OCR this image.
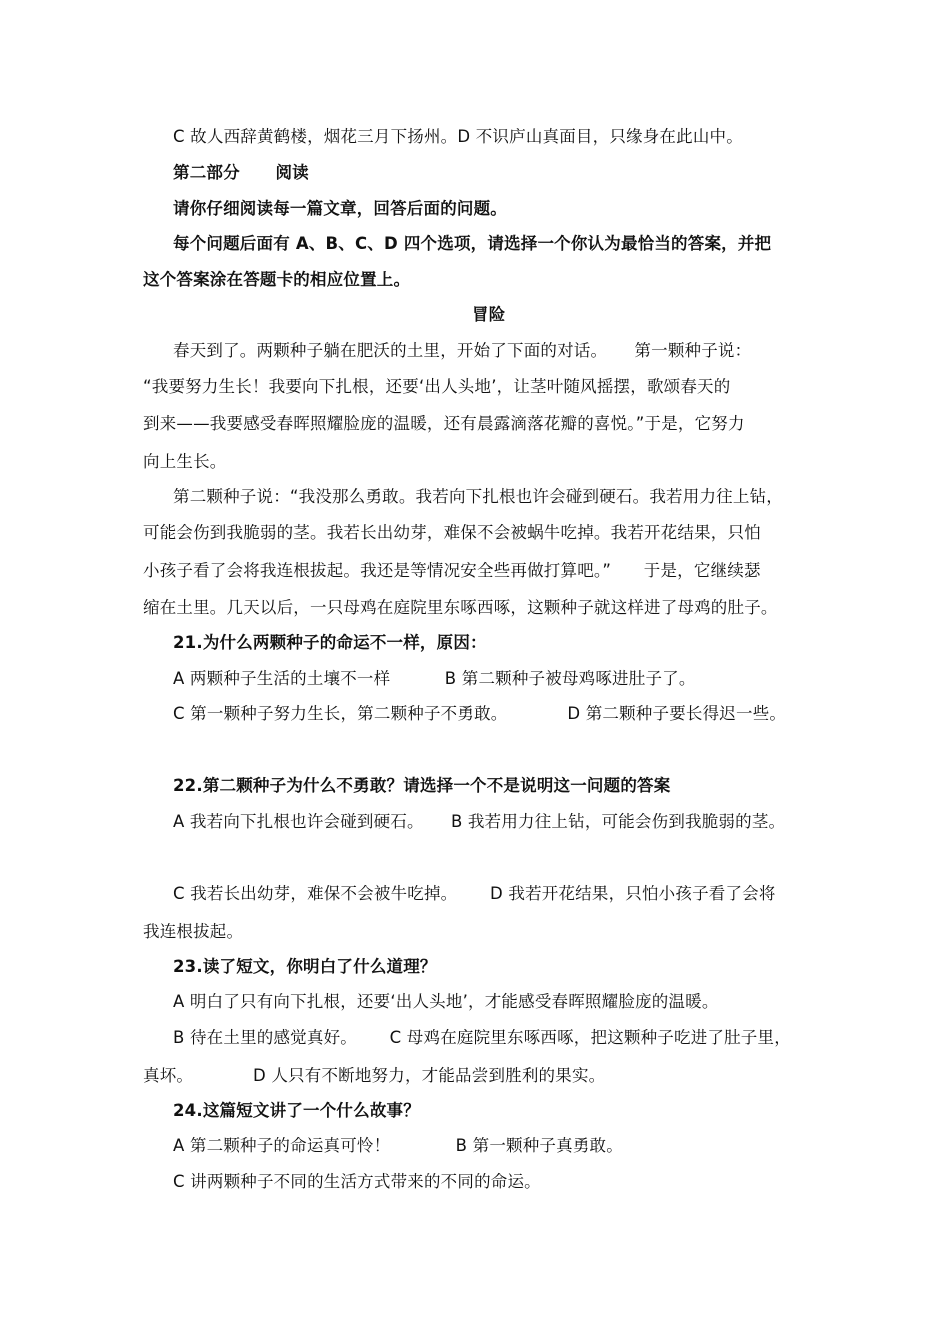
C 故人西辞黄鹤楼，烟花三月下扬州。D 不识庐山真面目，只缘身在此山中。
第二部分      阅读
请你仔细阅读每一篇文章，回答后面的问题。
每个问题后面有 A、B、C、D 四个选项，请选择一个你认为最恰当的答案，并把
这个答案涂在答题卡的相应位置上。
冒险
春天到了。两颗种子躺在肥沃的土里，开始了下面的对话。     第一颗种子说：
“我要努力生长！我要向下扎根，还要‘出人头地’，让茎叶随风摇摆，歌颂春天的
到来——我要感受春晖照耀脸庞的温暖，还有晨露滴落花瓣的喜悦。”于是，它努力
向上生长。
第二颗种子说：“我没那么勇敢。我若向下扎根也许会碰到硬石。我若用力往上钻，
可能会伤到我脆弱的茎。我若长出幼芽，难保不会被蜗牛吃掉。我若开花结果，只怕
小孩子看了会将我连根拔起。我还是等情况安全些再做打算吧。”      于是，它继续瑟
缩在土里。几天以后，一只母鸡在庭院里东啄西啄，这颗种子就这样进了母鸡的肚子。
21.为什么两颗种子的命运不一样，原因：
A 两颗种子生活的土壤不一样          B 第二颗种子被母鸡啄进肚子了。
C 第一颗种子努力生长，第二颗种子不勇敢。           D 第二颗种子要长得迟一些。
22.第二颗种子为什么不勇敢？请选择一个不是说明这一问题的答案
A 我若向下扎根也许会碰到硬石。     B 我若用力往上钻，可能会伤到我脆弱的茎。
C 我若长出幼芽，难保不会被牛吃掉。      D 我若开花结果，只怕小孩子看了会将
我连根拔起。
23.读了短文，你明白了什么道理？
A 明白了只有向下扎根，还要‘出人头地’，才能感受春晖照耀脸庞的温暖。
B 待在土里的感觉真好。      C 母鸡在庭院里东啄西啄，把这颗种子吃进了肚子里，
真坏。           D 人只有不断地努力，才能品尝到胜利的果实。
24.这篇短文讲了一个什么故事？
A 第二颗种子的命运真可怜！            B 第一颗种子真勇敢。
C 讲两颗种子不同的生活方式带来的不同的命运。
